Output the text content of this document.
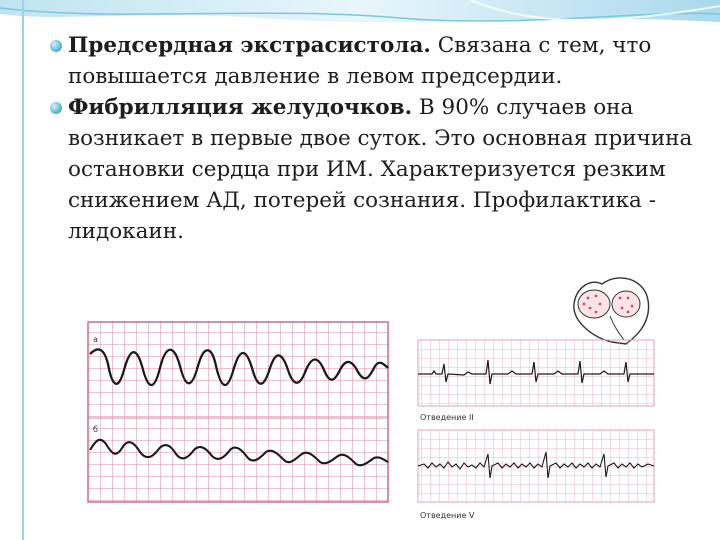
Предсердная экстрасистола. Связана с тем, что повышается давление в левом предсердии.
Фибрилляция желудочков. В 90% случаев она возникает в первые двое суток. Это основная причина остановки сердца при ИМ. Характеризуется резким снижением АД, потерей сознания. Профилактика - лидокаин.
a
б
Отведение II
Отведение V
